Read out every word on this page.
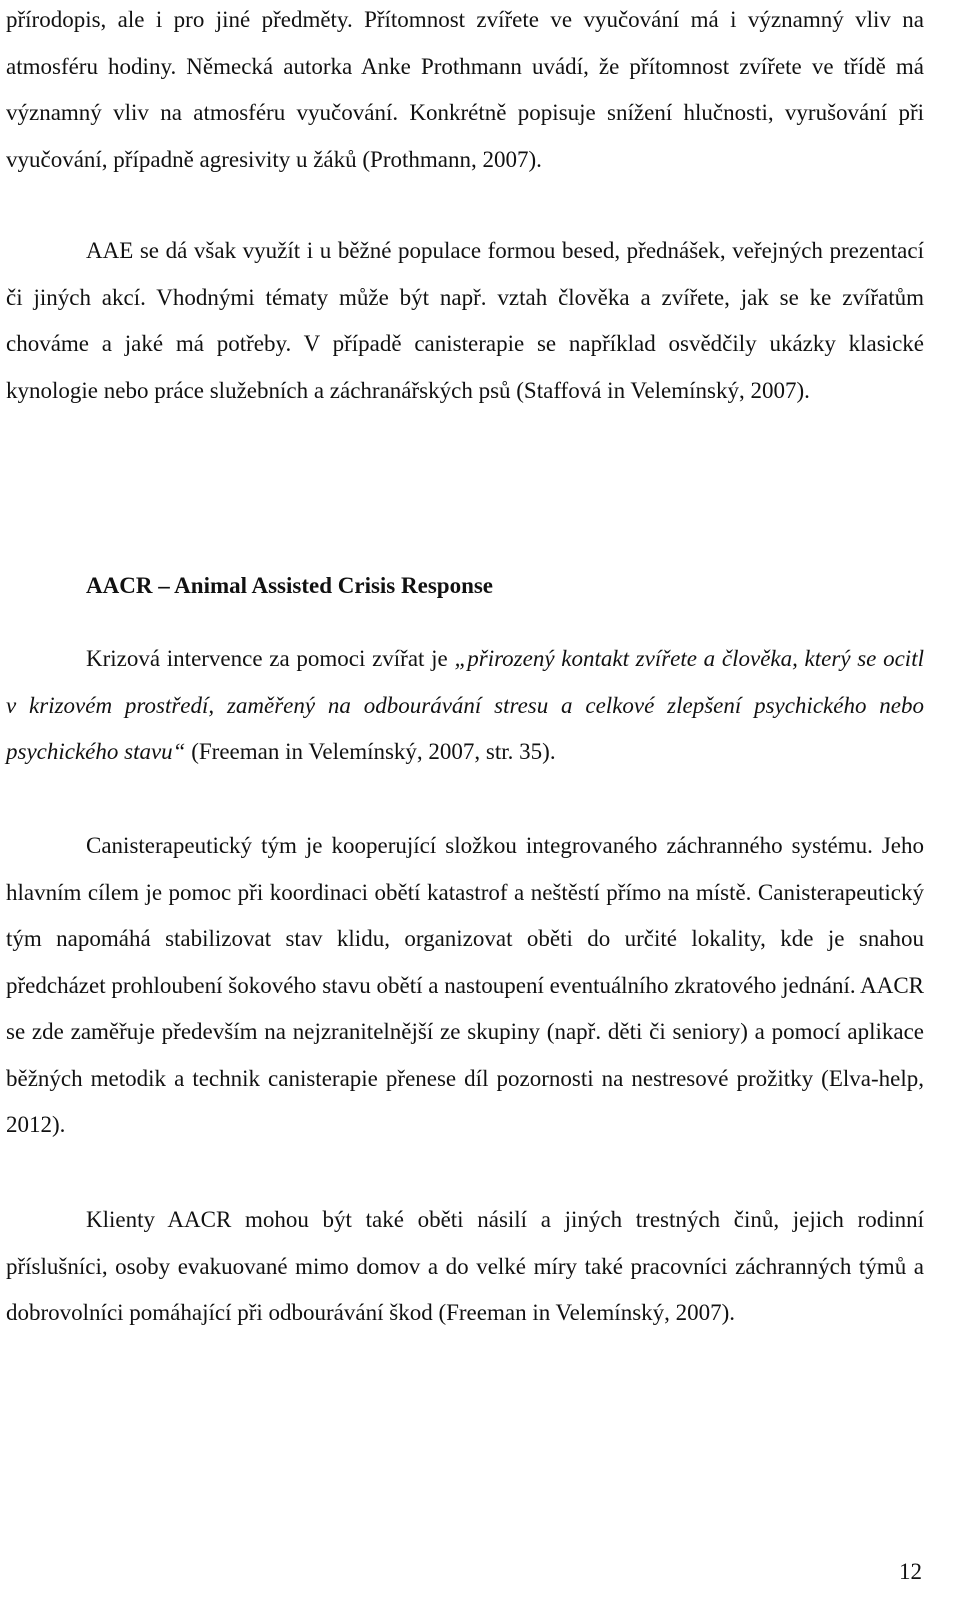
přírodopis, ale i pro jiné předměty. Přítomnost zvířete ve vyučování má i významný vliv na atmosféru hodiny. Německá autorka Anke Prothmann uvádí, že přítomnost zvířete ve třídě má významný vliv na atmosféru vyučování. Konkrétně popisuje snížení hlučnosti, vyrušování při vyučování, případně agresivity u žáků (Prothmann, 2007).

AAE se dá však využít i u běžné populace formou besed, přednášek, veřejných prezentací či jiných akcí. Vhodnými tématy může být např. vztah člověka a zvířete, jak se ke zvířatům chováme a jaké má potřeby. V případě canisterapie se například osvědčily ukázky klasické kynologie nebo práce služebních a záchranářských psů (Staffová in Velemínský, 2007).

AACR – Animal Assisted Crisis Response

Krizová intervence za pomoci zvířat je „přirozený kontakt zvířete a člověka, který se ocitl v krizovém prostředí, zaměřený na odbourávání stresu a celkové zlepšení psychického nebo psychického stavu“ (Freeman in Velemínský, 2007, str. 35).

Canisterapeutický tým je kooperující složkou integrovaného záchranného systému. Jeho hlavním cílem je pomoc při koordinaci obětí katastrof a neštěstí přímo na místě. Canisterapeutický tým napomáhá stabilizovat stav klidu, organizovat oběti do určité lokality, kde je snahou předcházet prohloubení šokového stavu obětí a nastoupení eventuálního zkratového jednání. AACR se zde zaměřuje především na nejzranitelnější ze skupiny (např. děti či seniory) a pomocí aplikace běžných metodik a technik canisterapie přenese díl pozornosti na nestresové prožitky (Elva-help, 2012).

Klienty AACR mohou být také oběti násilí a jiných trestných činů, jejich rodinní příslušníci, osoby evakuované mimo domov a do velké míry také pracovníci záchranných týmů a dobrovolníci pomáhající při odbourávání škod (Freeman in Velemínský, 2007).

12
